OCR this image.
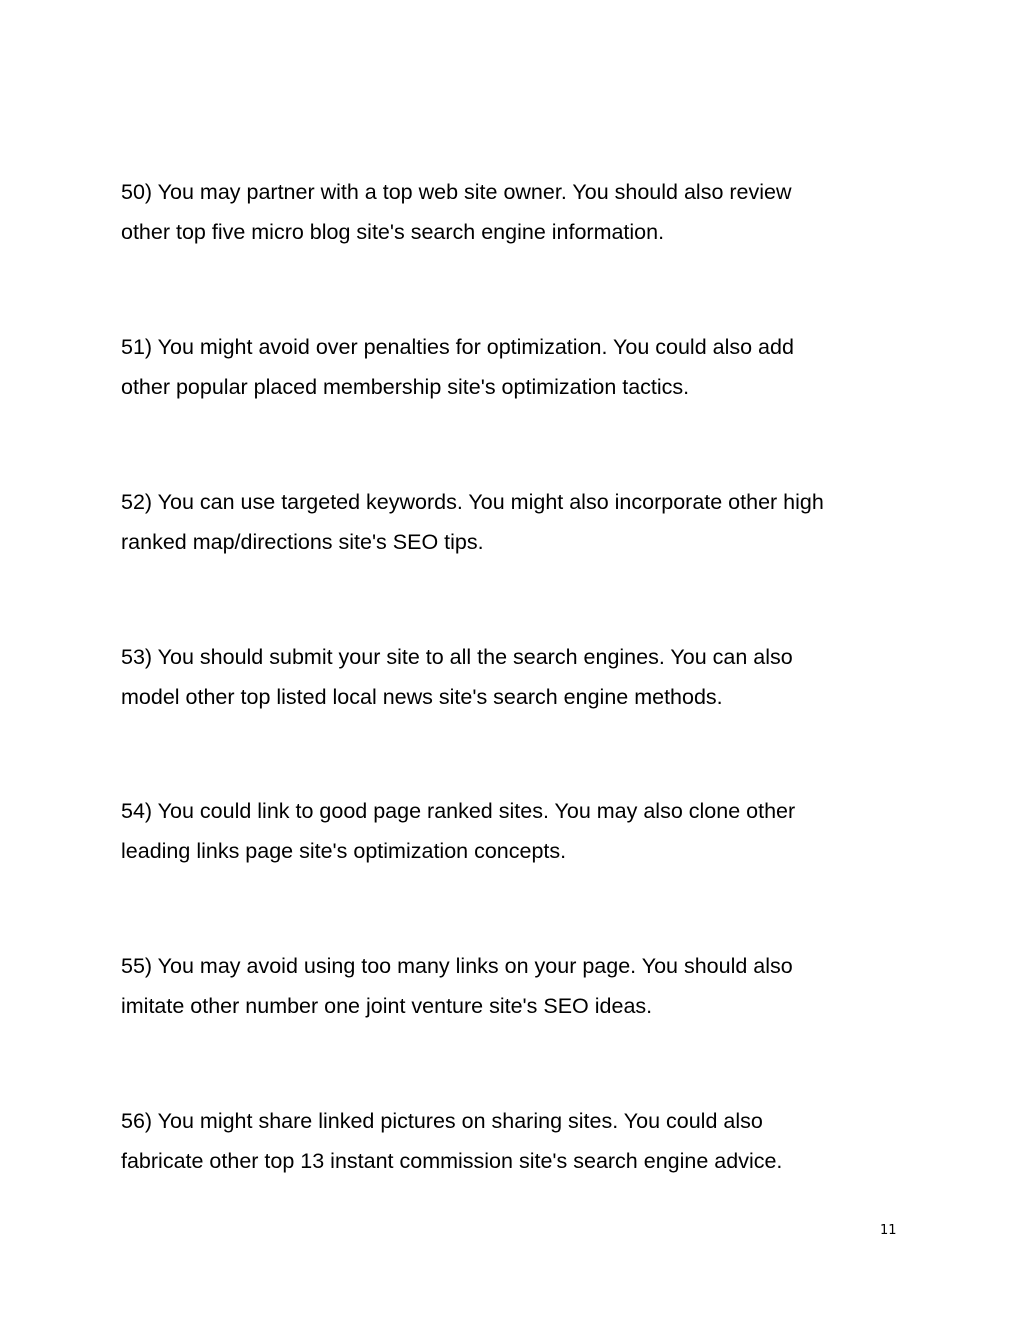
50) You may partner with a top web site owner. You should also review
other top five micro blog site's search engine information.

51) You might avoid over penalties for optimization. You could also add
other popular placed membership site's optimization tactics.

52) You can use targeted keywords. You might also incorporate other high
ranked map/directions site's SEO tips.

53) You should submit your site to all the search engines. You can also
model other top listed local news site's search engine methods.

54) You could link to good page ranked sites. You may also clone other
leading links page site's optimization concepts.

55) You may avoid using too many links on your page. You should also
imitate other number one joint venture site's SEO ideas.

56) You might share linked pictures on sharing sites. You could also
fabricate other top 13 instant commission site's search engine advice.

11
